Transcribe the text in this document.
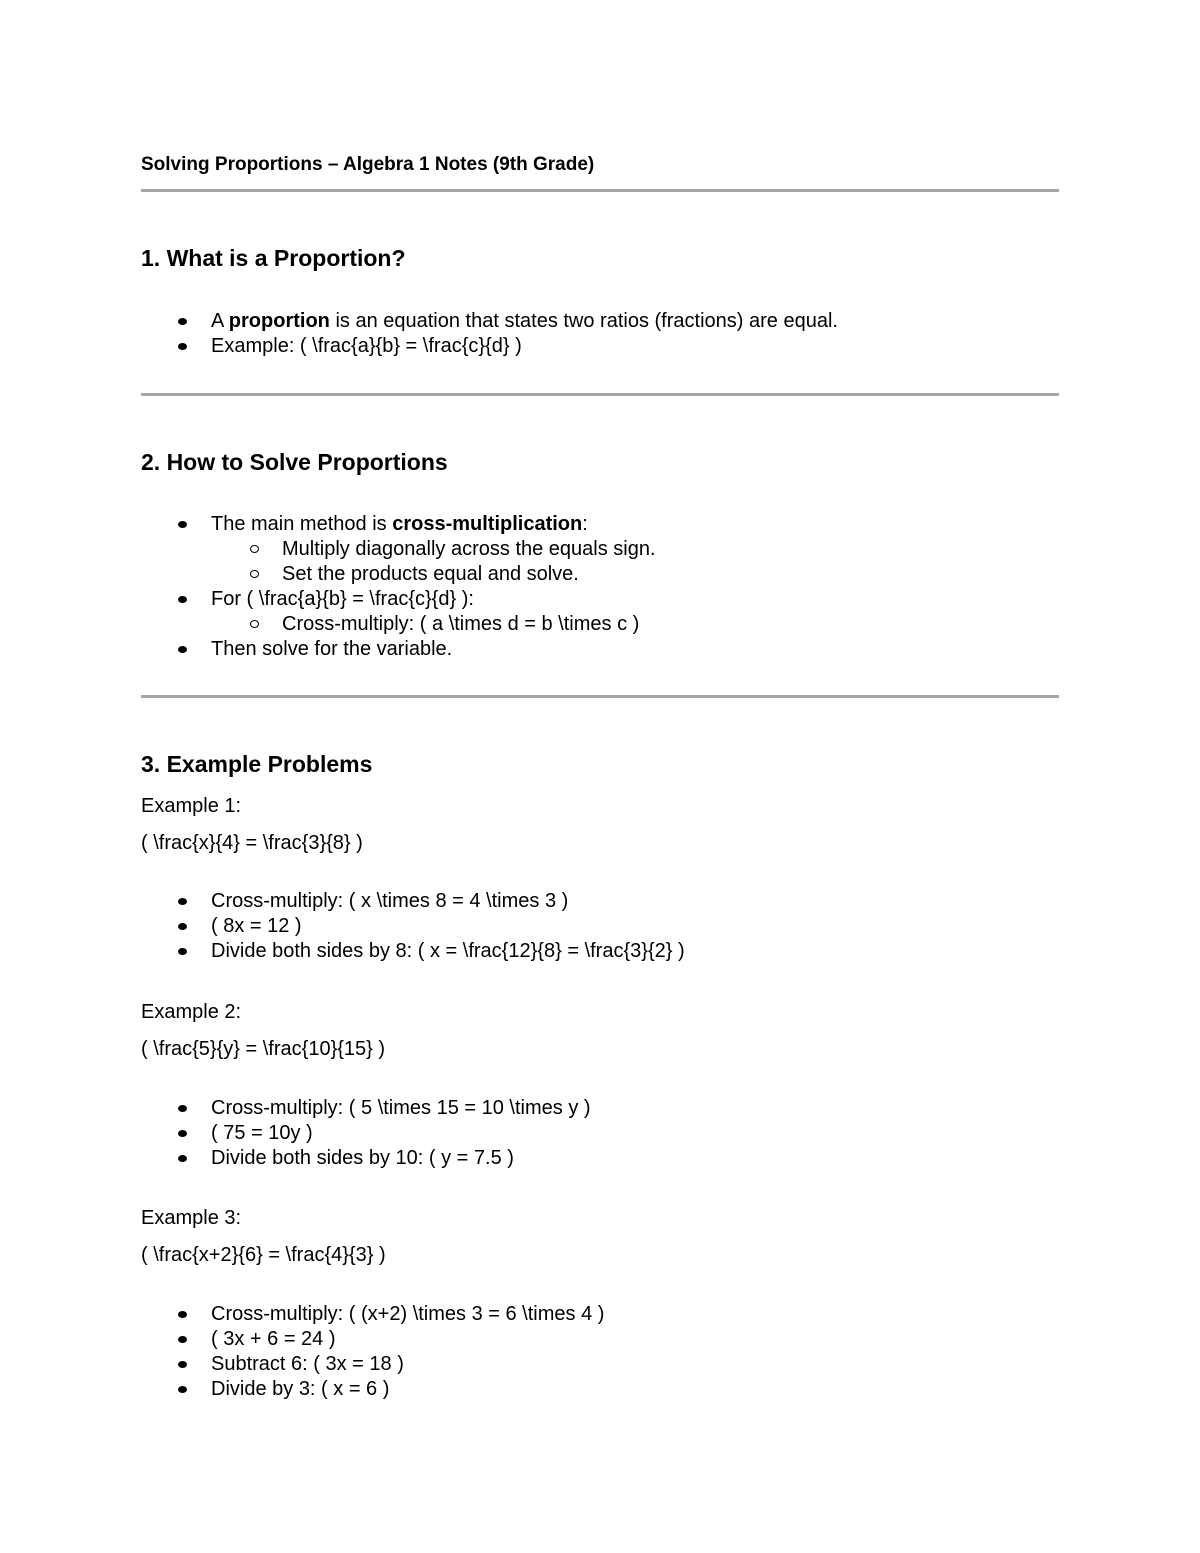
Solving Proportions – Algebra 1 Notes (9th Grade)
1. What is a Proportion?
A proportion is an equation that states two ratios (fractions) are equal.
Example: ( \frac{a}{b} = \frac{c}{d} )
2. How to Solve Proportions
The main method is cross-multiplication:
Multiply diagonally across the equals sign.
Set the products equal and solve.
For ( \frac{a}{b} = \frac{c}{d} ):
Cross-multiply: ( a \times d = b \times c )
Then solve for the variable.
3. Example Problems
Example 1:
( \frac{x}{4} = \frac{3}{8} )
Cross-multiply: ( x \times 8 = 4 \times 3 )
( 8x = 12 )
Divide both sides by 8: ( x = \frac{12}{8} = \frac{3}{2} )
Example 2:
( \frac{5}{y} = \frac{10}{15} )
Cross-multiply: ( 5 \times 15 = 10 \times y )
( 75 = 10y )
Divide both sides by 10: ( y = 7.5 )
Example 3:
( \frac{x+2}{6} = \frac{4}{3} )
Cross-multiply: ( (x+2) \times 3 = 6 \times 4 )
( 3x + 6 = 24 )
Subtract 6: ( 3x = 18 )
Divide by 3: ( x = 6 )
